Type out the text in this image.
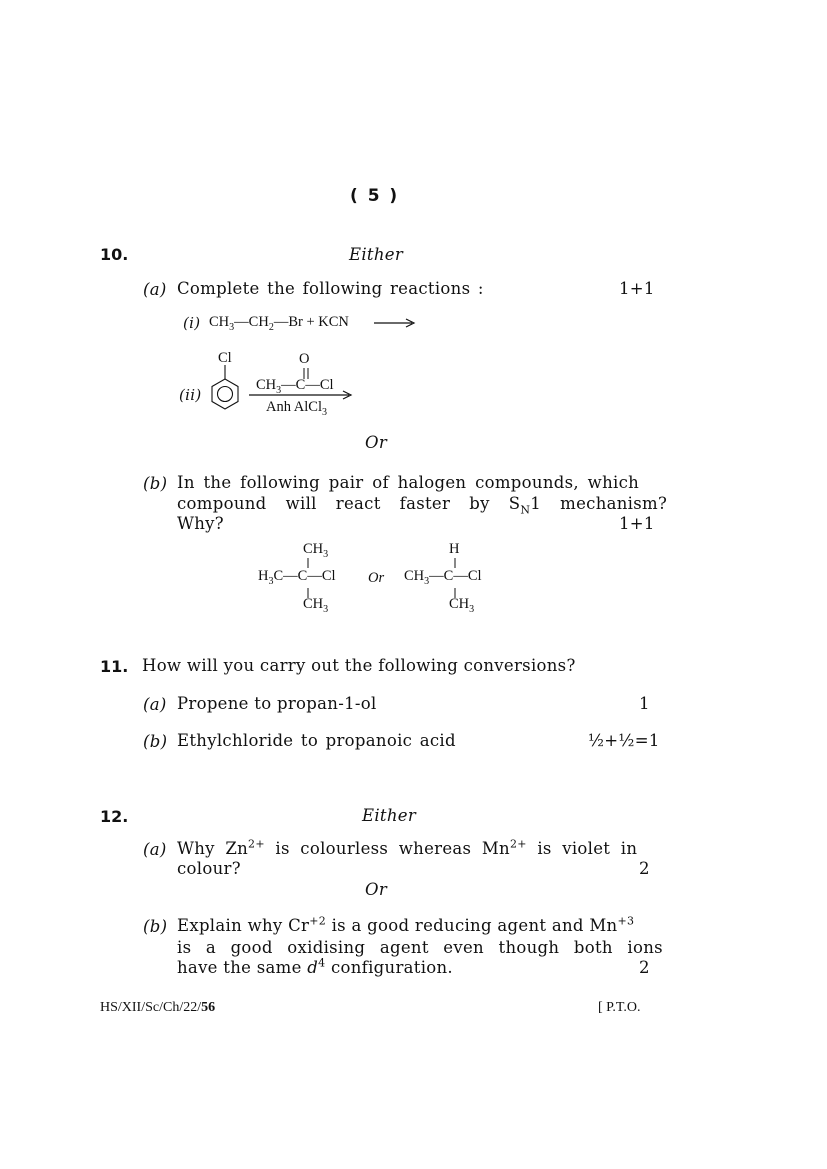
( 5 )
10.	Either
(a) Complete the following reactions :	1+1
(i) $CH_3—CH_2—Br$ + KCN
(ii)
Cl	O
$CH_3—C—Cl$
Anh AlCl$_3$
Or
(b) In the following pair of halogen compounds, which
compound will react faster by $S_N1$ mechanism?
Why?	1+1
$CH_3$
$H_3C—C—Cl$
$CH_3$
Or
H
$CH_3—C—Cl$
$CH_3$
11. How will you carry out the following conversions?
(a) Propene to propan-1-ol	1
(b) Ethylchloride to propanoic acid	½+½=1
12.	Either
(a) Why $Zn^{2+}$ is colourless whereas $Mn^{2+}$ is violet in
colour?	2
Or
(b) Explain why $Cr^{+2}$ is a good reducing agent and $Mn^{+3}$
is a good oxidising agent even though both ions
have the same $d^4$ configuration.	2
HS/XII/Sc/Ch/22/56	[ P.T.O.
